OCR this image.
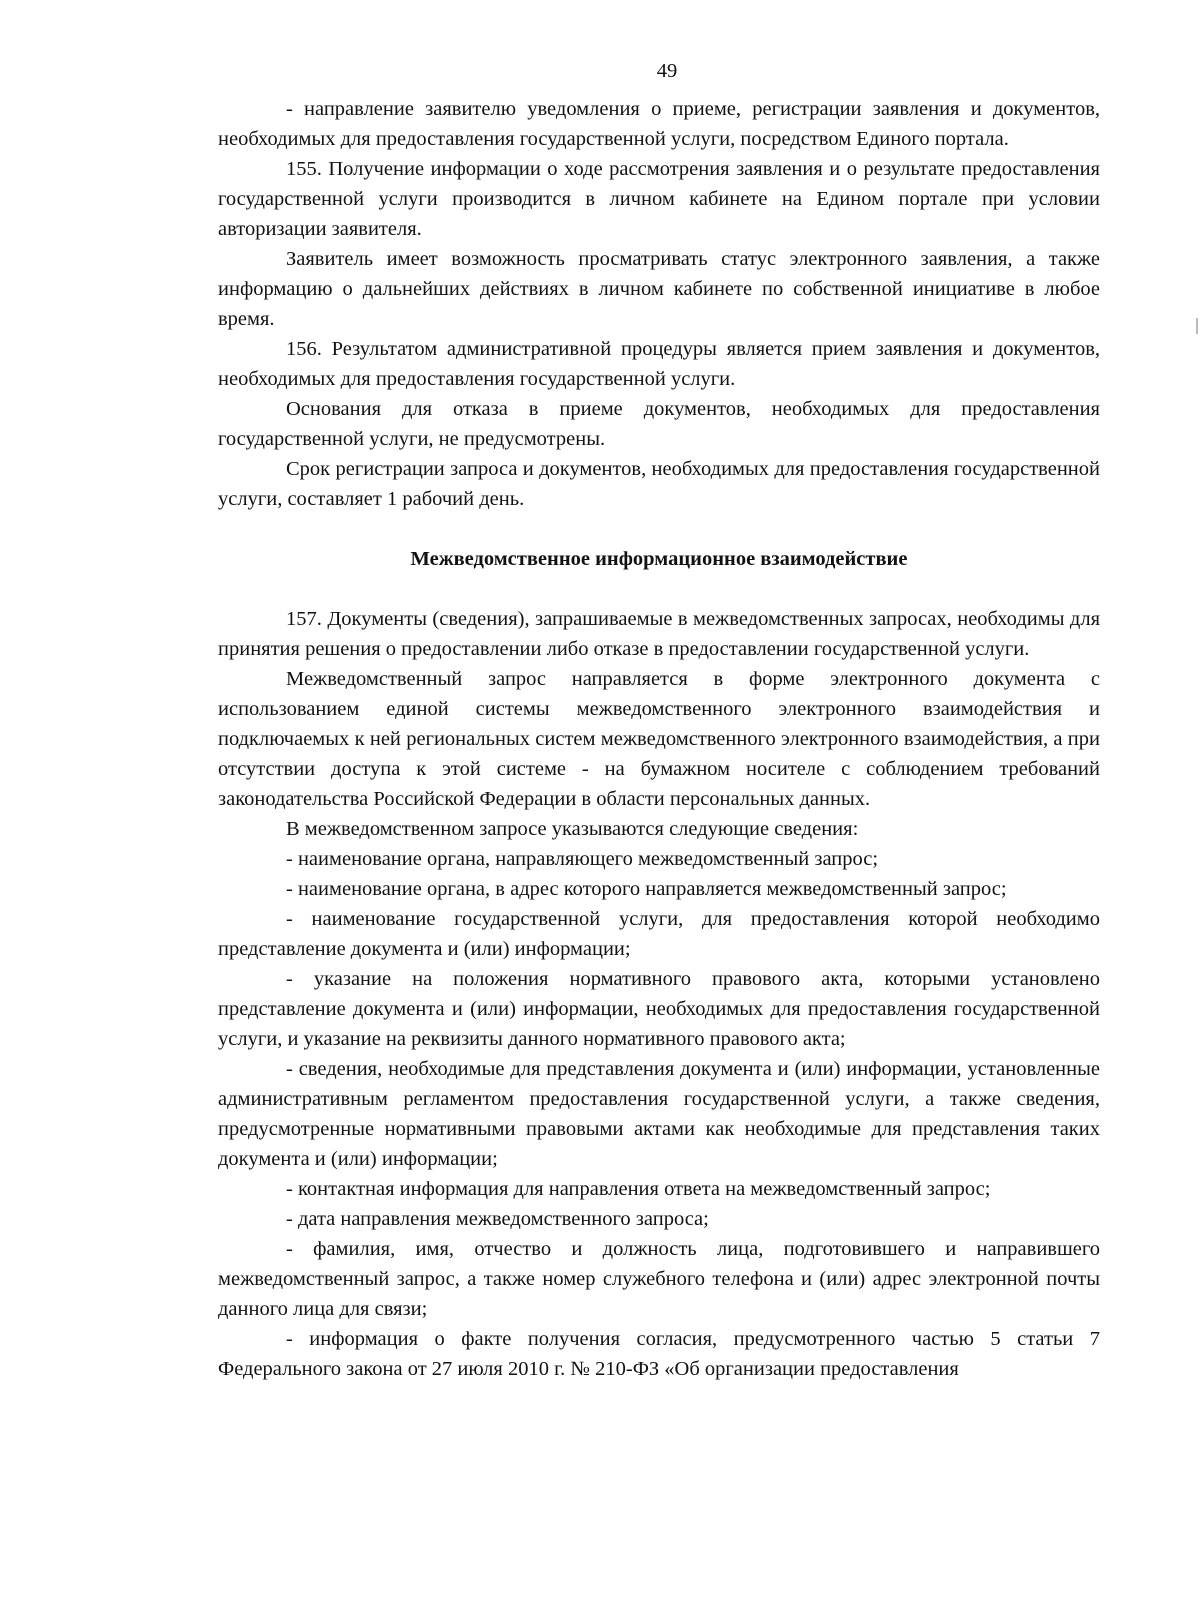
49

- направление заявителю уведомления о приеме, регистрации заявления и документов, необходимых для предоставления государственной услуги, посредством Единого портала.

155. Получение информации о ходе рассмотрения заявления и о результате предоставления государственной услуги производится в личном кабинете на Едином портале при условии авторизации заявителя.

Заявитель имеет возможность просматривать статус электронного заявления, а также информацию о дальнейших действиях в личном кабинете по собственной инициативе в любое время.

156. Результатом административной процедуры является прием заявления и документов, необходимых для предоставления государственной услуги.

Основания для отказа в приеме документов, необходимых для предоставления государственной услуги, не предусмотрены.

Срок регистрации запроса и документов, необходимых для предоставления государственной услуги, составляет 1 рабочий день.

Межведомственное информационное взаимодействие

157. Документы (сведения), запрашиваемые в межведомственных запросах, необходимы для принятия решения о предоставлении либо отказе в предоставлении государственной услуги.

Межведомственный запрос направляется в форме электронного документа с использованием единой системы межведомственного электронного взаимодействия и подключаемых к ней региональных систем межведомственного электронного взаимодействия, а при отсутствии доступа к этой системе - на бумажном носителе с соблюдением требований законодательства Российской Федерации в области персональных данных.

В межведомственном запросе указываются следующие сведения:

- наименование органа, направляющего межведомственный запрос;

- наименование органа, в адрес которого направляется межведомственный запрос;

- наименование государственной услуги, для предоставления которой необходимо представление документа и (или) информации;

- указание на положения нормативного правового акта, которыми установлено представление документа и (или) информации, необходимых для предоставления государственной услуги, и указание на реквизиты данного нормативного правового акта;

- сведения, необходимые для представления документа и (или) информации, установленные административным регламентом предоставления государственной услуги, а также сведения, предусмотренные нормативными правовыми актами как необходимые для представления таких документа и (или) информации;

- контактная информация для направления ответа на межведомственный запрос;

- дата направления межведомственного запроса;

- фамилия, имя, отчество и должность лица, подготовившего и направившего межведомственный запрос, а также номер служебного телефона и (или) адрес электронной почты данного лица для связи;

- информация о факте получения согласия, предусмотренного частью 5 статьи 7 Федерального закона от 27 июля 2010 г. № 210-ФЗ «Об организации предоставления
